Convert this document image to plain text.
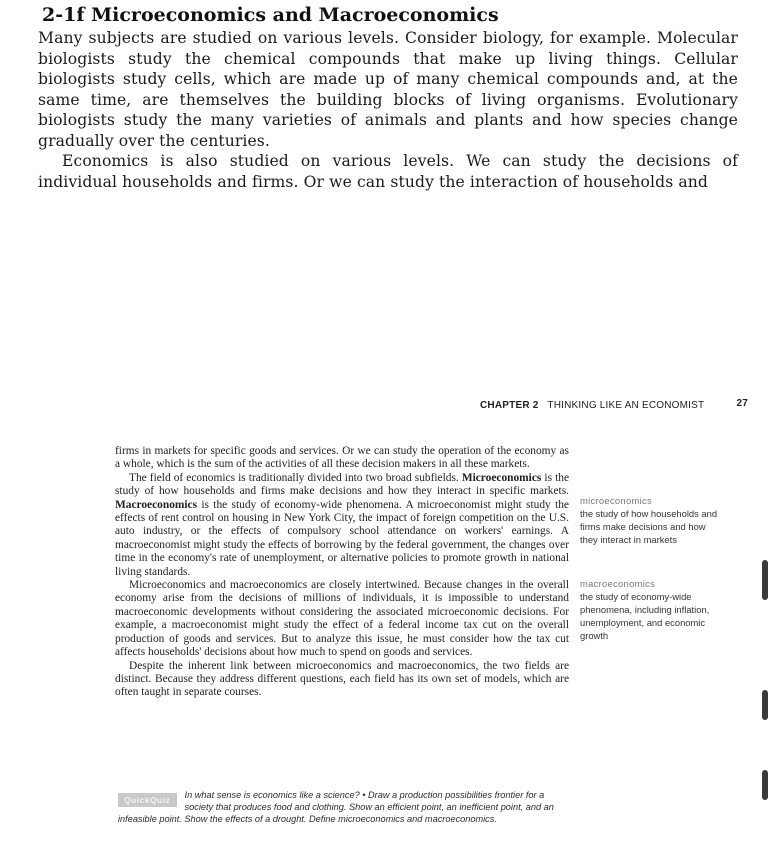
2-1f Microeconomics and Macroeconomics

Many subjects are studied on various levels. Consider biology, for example. Molecular biologists study the chemical compounds that make up living things. Cellular biologists study cells, which are made up of many chemical compounds and, at the same time, are themselves the building blocks of living organisms. Evolutionary biologists study the many varieties of animals and plants and how species change gradually over the centuries.

Economics is also studied on various levels. We can study the decisions of individual households and firms. Or we can study the interaction of households and

CHAPTER 2 THINKING LIKE AN ECONOMIST	27

firms in markets for specific goods and services. Or we can study the operation of the economy as a whole, which is the sum of the activities of all these decision makers in all these markets.

The field of economics is traditionally divided into two broad subfields. Microeconomics is the study of how households and firms make decisions and how they interact in specific markets. Macroeconomics is the study of economy-wide phenomena. A microeconomist might study the effects of rent control on housing in New York City, the impact of foreign competition on the U.S. auto industry, or the effects of compulsory school attendance on workers' earnings. A macroeconomist might study the effects of borrowing by the federal government, the changes over time in the economy's rate of unemployment, or alternative policies to promote growth in national living standards.

Microeconomics and macroeconomics are closely intertwined. Because changes in the overall economy arise from the decisions of millions of individuals, it is impossible to understand macroeconomic developments without considering the associated microeconomic decisions. For example, a macroeconomist might study the effect of a federal income tax cut on the overall production of goods and services. But to analyze this issue, he must consider how the tax cut affects households' decisions about how much to spend on goods and services.

Despite the inherent link between microeconomics and macroeconomics, the two fields are distinct. Because they address different questions, each field has its own set of models, which are often taught in separate courses.

microeconomics
the study of how households and firms make decisions and how they interact in markets
macroeconomics
the study of economy-wide phenomena, including inflation, unemployment, and economic growth
QuickQuiz	In what sense is economics like a science? • Draw a production possibilities frontier for a society that produces food and clothing. Show an efficient point, an inefficient point, and an infeasible point. Show the effects of a drought. Define microeconomics and macroeconomics.
